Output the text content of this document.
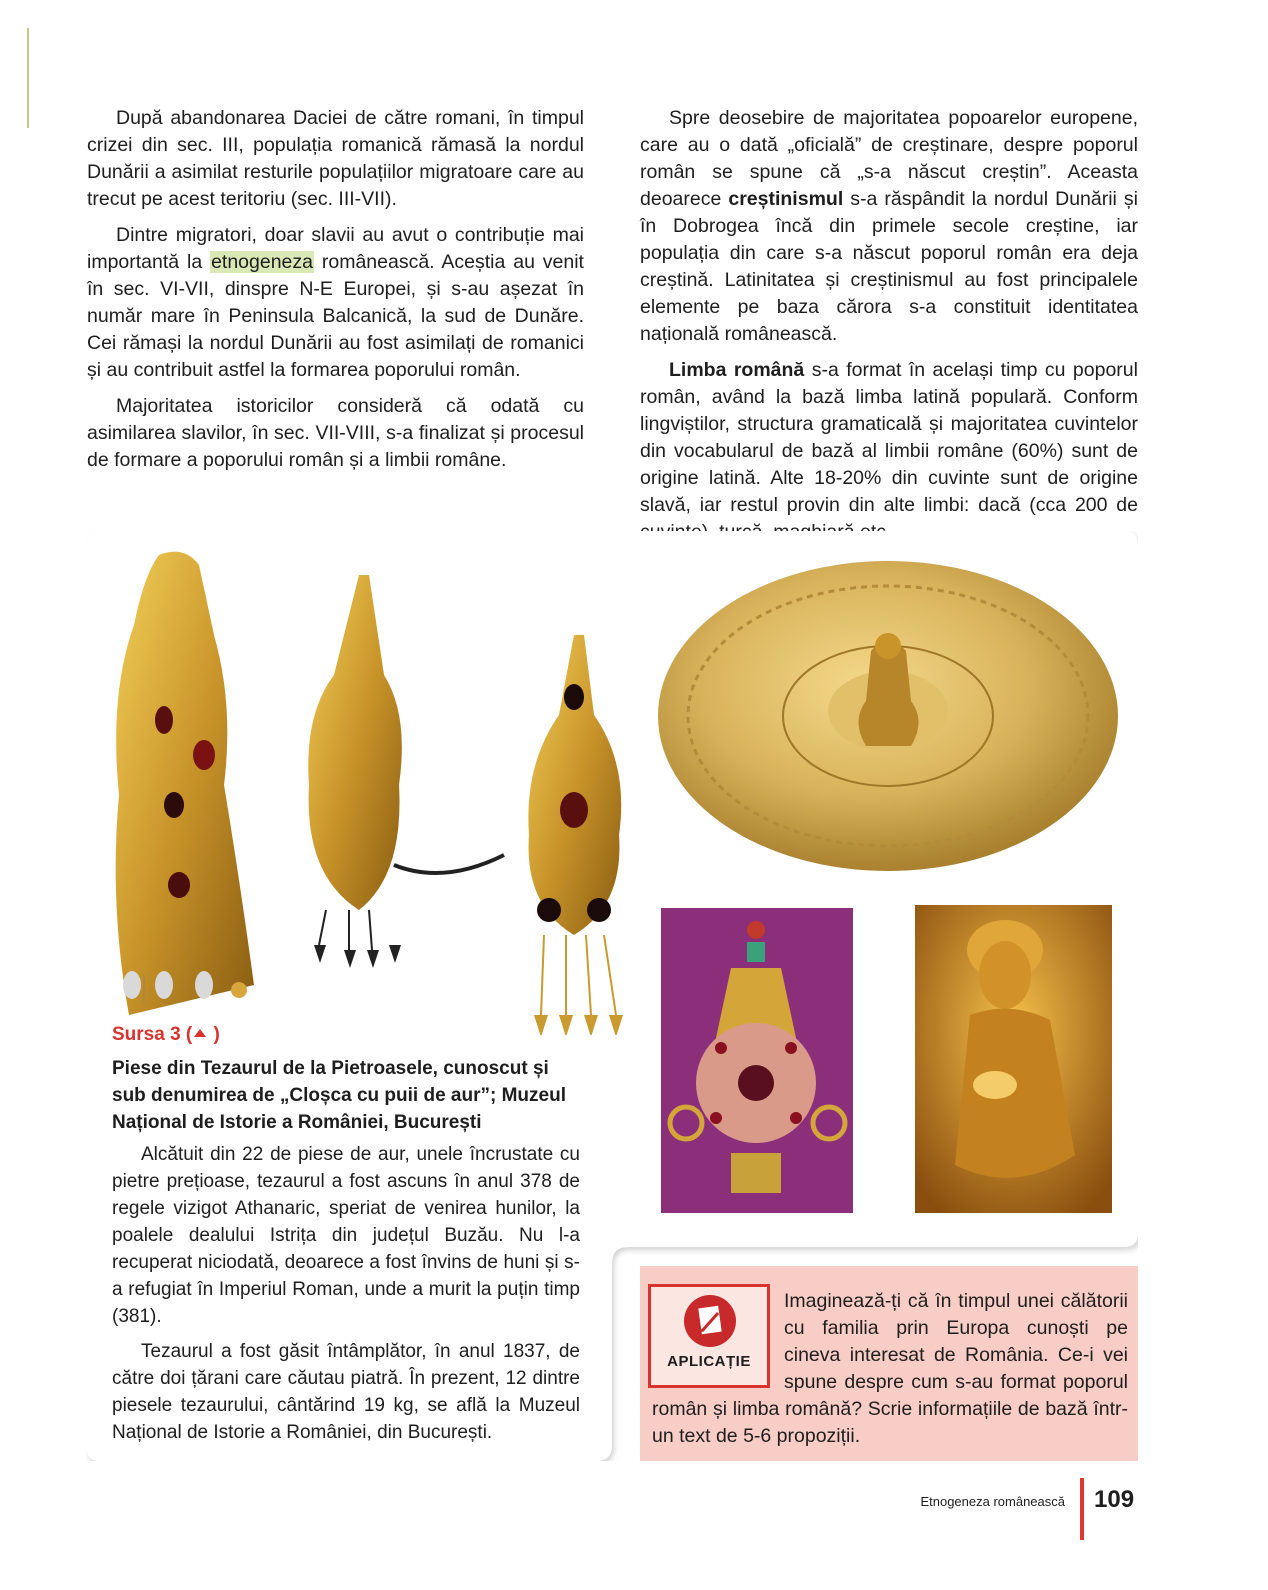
După abandonarea Daciei de către romani, în timpul crizei din sec. III, populația romanică rămasă la nordul Dunării a asimilat resturile populațiilor migratoare care au trecut pe acest teritoriu (sec. III-VII).

Dintre migratori, doar slavii au avut o contribuție mai importantă la etnogeneza românească. Aceștia au venit în sec. VI-VII, dinspre N-E Europei, și s-au așezat în număr mare în Peninsula Balcanică, la sud de Dunăre. Cei rămași la nordul Dunării au fost asimilați de romanici și au contribuit astfel la formarea poporului român.

Majoritatea istoricilor consideră că odată cu asimilarea slavilor, în sec. VII-VIII, s-a finalizat și procesul de formare a poporului român și a limbii române.

Spre deosebire de majoritatea popoarelor europene, care au o dată „oficială” de creștinare, despre poporul român se spune că „s-a născut creștin”. Aceasta deoarece creștinismul s-a răspândit la nordul Dunării și în Dobrogea încă din primele secole creștine, iar populația din care s-a născut poporul român era deja creștină. Latinitatea și creștinismul au fost principalele elemente pe baza cărora s-a constituit identitatea națională românească.

Limba română s-a format în același timp cu poporul român, având la bază limba latină populară. Conform lingviștilor, structura gramaticală și majoritatea cuvintelor din vocabularul de bază al limbii române (60%) sunt de origine latină. Alte 18-20% din cuvinte sunt de origine slavă, iar restul provin din alte limbi: dacă (cca 200 de

Sursa 3 ( )
Piese din Tezaurul de la Pietroasele, cunoscut și sub denumirea de „Cloșca cu puii de aur”; Muzeul Național de Istorie a României, București

Alcătuit din 22 de piese de aur, unele încrustate cu pietre prețioase, tezaurul a fost ascuns în anul 378 de regele vizigot Athanaric, speriat de venirea hunilor, la poalele dealului Istrița din județul Buzău. Nu l-a recuperat niciodată, deoarece a fost învins de huni și s-a refugiat în Imperiul Roman, unde a murit la puțin timp (381).

Tezaurul a fost găsit întâmplător, în anul 1837, de către doi țărani care căutau piatră. În prezent, 12 dintre piesele tezaurului, cântărind 19 kg, se află la Muzeul Național de Istorie a României, din București.

APLICAȚIE
Imaginează-ți că în timpul unei călătorii cu familia prin Europa cunoști pe cineva interesat de România. Ce-i vei spune despre cum s-au format poporul român și limba română? Scrie informațiile de bază într-un text de 5-6 propoziții.
Etnogeneza românească 109
